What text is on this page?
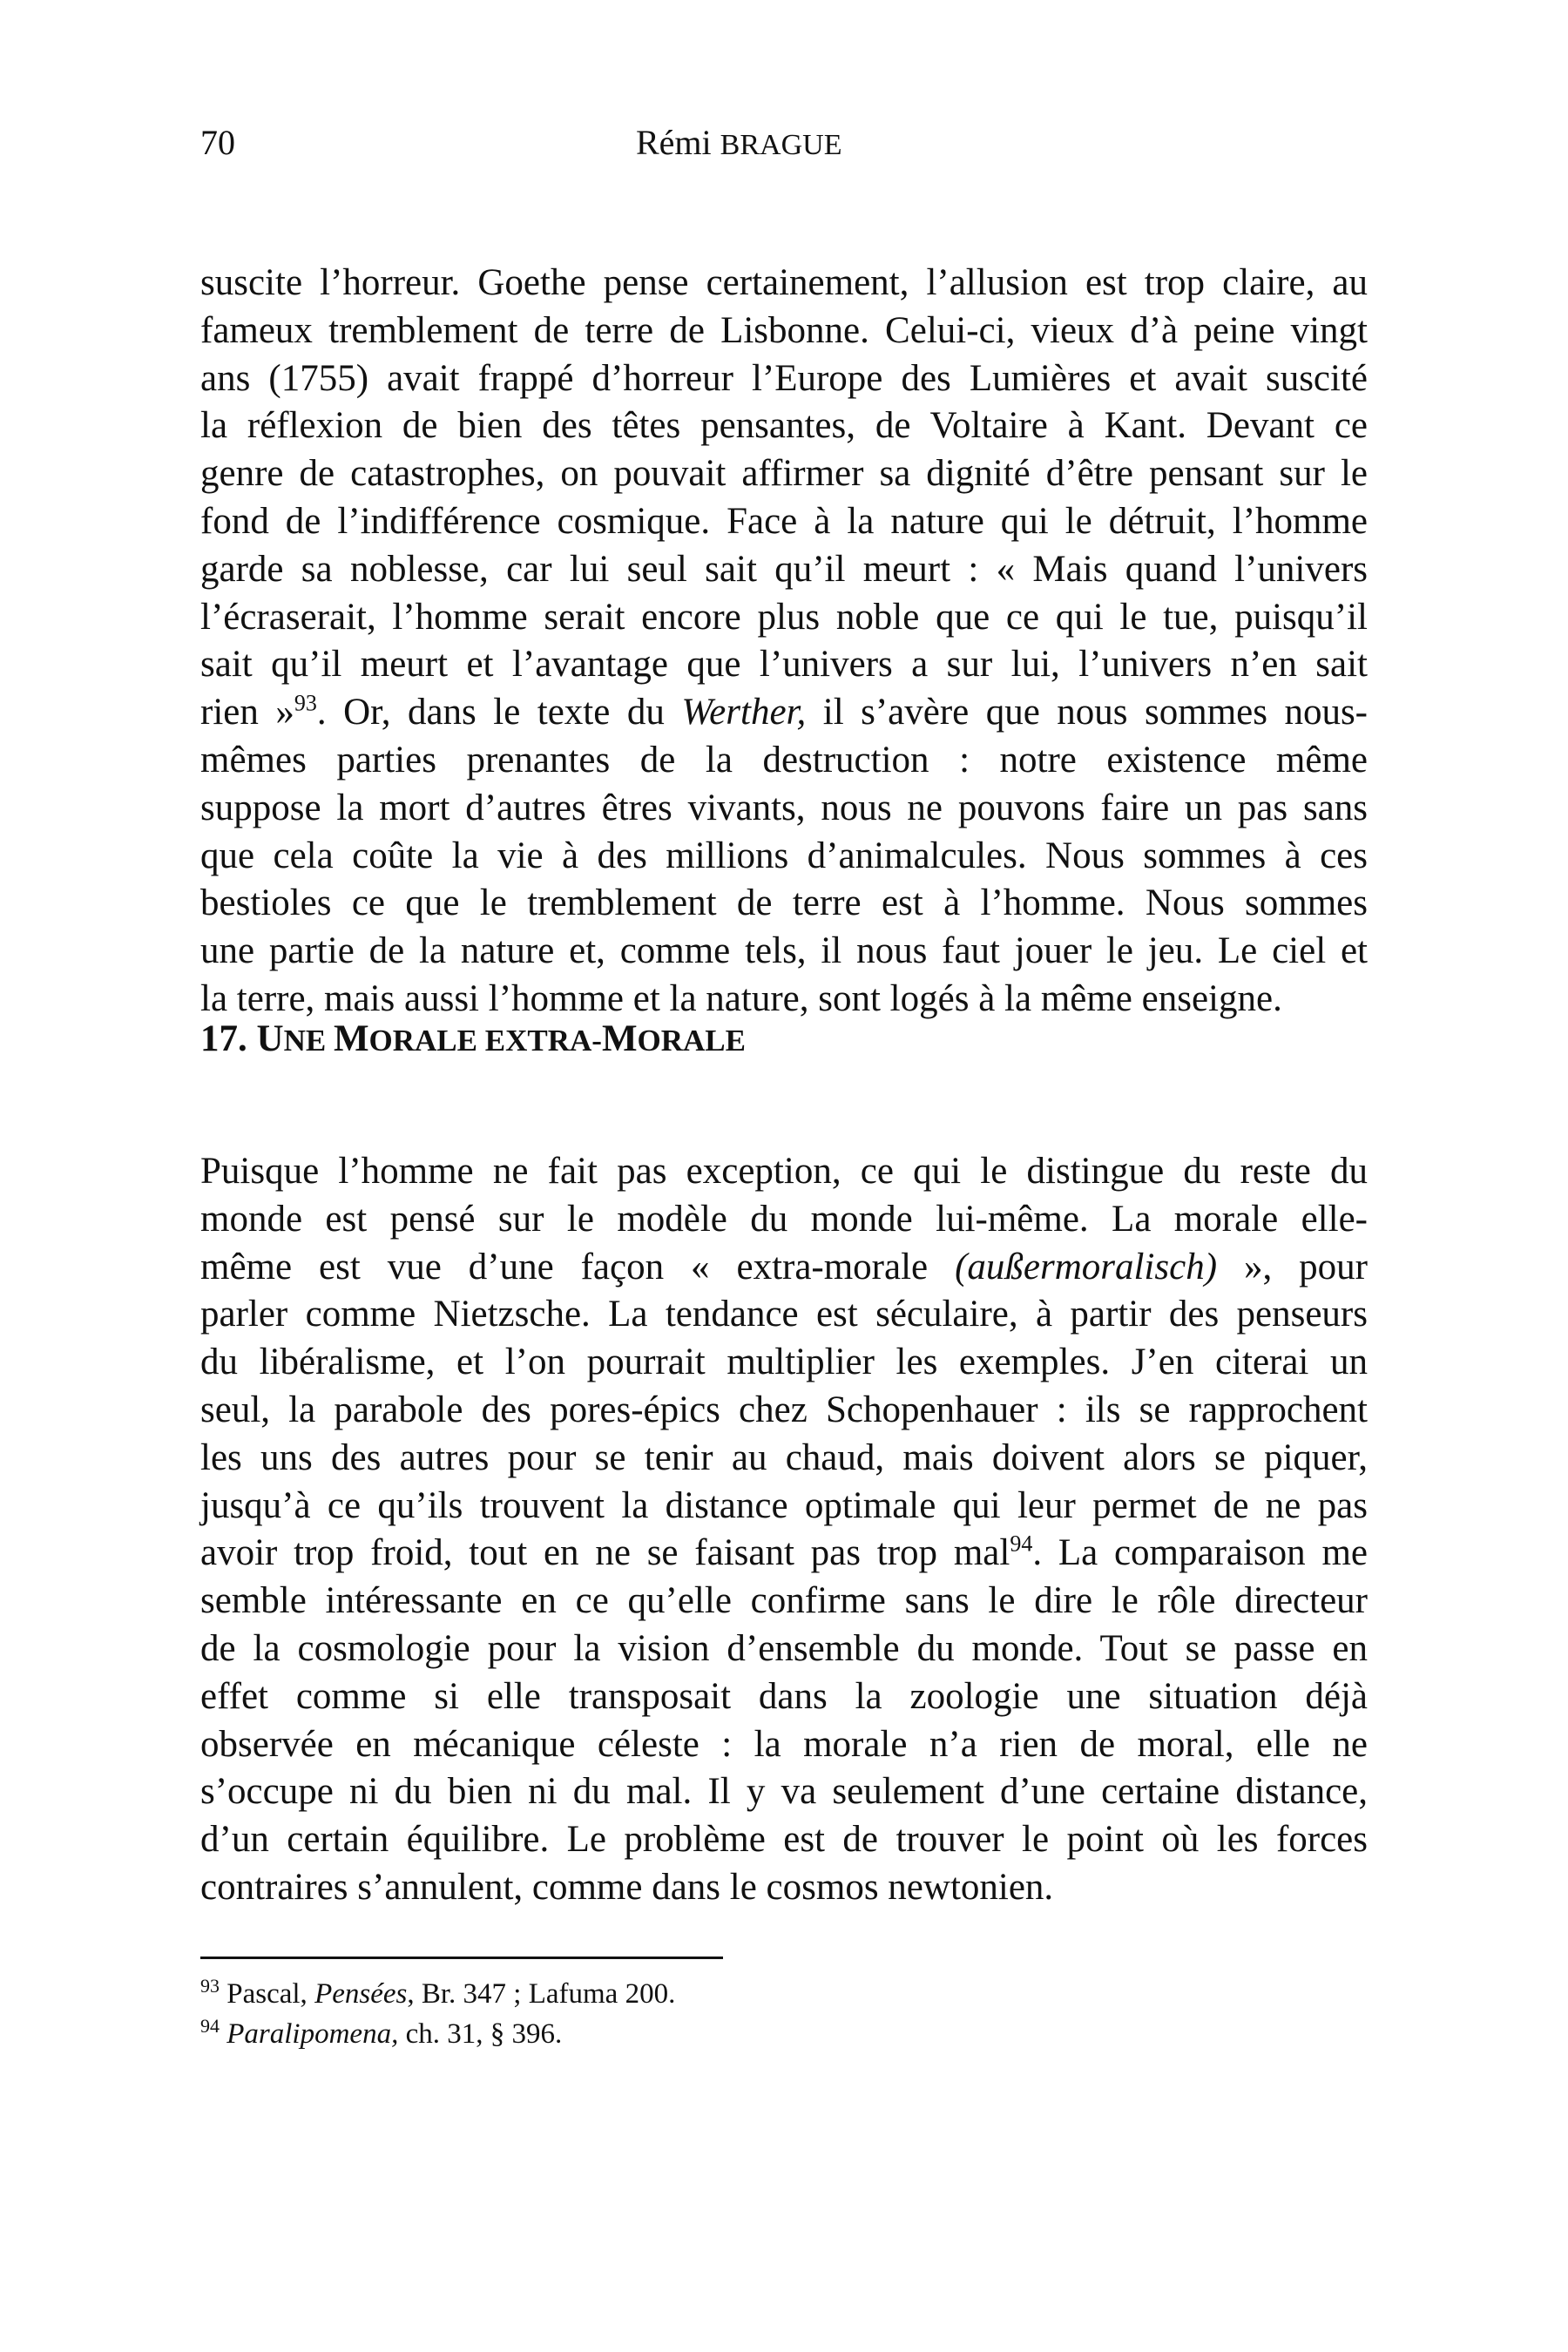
70	Rémi BRAGUE

suscite l’horreur. Goethe pense certainement, l’allusion est trop claire, au
fameux tremblement de terre de Lisbonne. Celui-ci, vieux d’à peine vingt
ans (1755) avait frappé d’horreur l’Europe des Lumières et avait suscité
la réflexion de bien des têtes pensantes, de Voltaire à Kant. Devant ce
genre de catastrophes, on pouvait affirmer sa dignité d’être pensant sur le
fond de l’indifférence cosmique. Face à la nature qui le détruit, l’homme
garde sa noblesse, car lui seul sait qu’il meurt : « Mais quand l’univers
l’écraserait, l’homme serait encore plus noble que ce qui le tue, puisqu’il
sait qu’il meurt et l’avantage que l’univers a sur lui, l’univers n’en sait
rien »$^{93}$. Or, dans le texte du Werther, il s’avère que nous sommes nous-
mêmes parties prenantes de la destruction : notre existence même
suppose la mort d’autres êtres vivants, nous ne pouvons faire un pas sans
que cela coûte la vie à des millions d’animalcules. Nous sommes à ces
bestioles ce que le tremblement de terre est à l’homme. Nous sommes
une partie de la nature et, comme tels, il nous faut jouer le jeu. Le ciel et
la terre, mais aussi l’homme et la nature, sont logés à la même enseigne.

17. UNE MORALE EXTRA-MORALE

Puisque l’homme ne fait pas exception, ce qui le distingue du reste du
monde est pensé sur le modèle du monde lui-même. La morale elle-
même est vue d’une façon « extra-morale (außermoralisch) », pour
parler comme Nietzsche. La tendance est séculaire, à partir des penseurs
du libéralisme, et l’on pourrait multiplier les exemples. J’en citerai un
seul, la parabole des pores-épics chez Schopenhauer : ils se rapprochent
les uns des autres pour se tenir au chaud, mais doivent alors se piquer,
jusqu’à ce qu’ils trouvent la distance optimale qui leur permet de ne pas
avoir trop froid, tout en ne se faisant pas trop mal$^{94}$. La comparaison me
semble intéressante en ce qu’elle confirme sans le dire le rôle directeur
de la cosmologie pour la vision d’ensemble du monde. Tout se passe en
effet comme si elle transposait dans la zoologie une situation déjà
observée en mécanique céleste : la morale n’a rien de moral, elle ne
s’occupe ni du bien ni du mal. Il y va seulement d’une certaine distance,
d’un certain équilibre. Le problème est de trouver le point où les forces
contraires s’annulent, comme dans le cosmos newtonien.

$^{93}$ Pascal, Pensées, Br. 347 ; Lafuma 200.
$^{94}$ Paralipomena, ch. 31, § 396.
